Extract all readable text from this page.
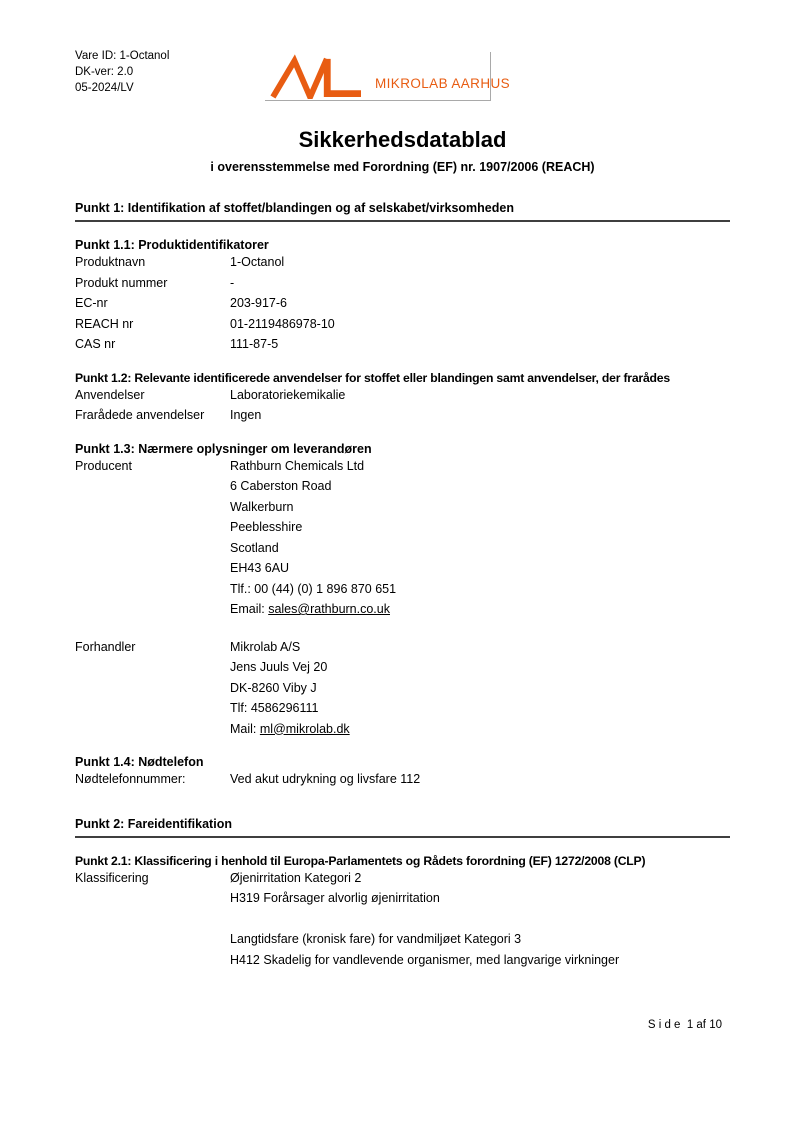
Vare ID: 1-Octanol
DK-ver: 2.0
05-2024/LV	MIKROLAB AARHUS
Sikkerhedsdatablad
i overensstemmelse med Forordning (EF) nr. 1907/2006 (REACH)
Punkt 1: Identifikation af stoffet/blandingen og af selskabet/virksomheden
Punkt 1.1: Produktidentifikatorer
Produktnavn	1-Octanol
Produkt nummer	-
EC-nr	203-917-6
REACH nr	01-2119486978-10
CAS nr	111-87-5
Punkt 1.2: Relevante identificerede anvendelser for stoffet eller blandingen samt anvendelser, der frarådes
Anvendelser	Laboratoriekemikalie
Frarådede anvendelser	Ingen
Punkt 1.3: Nærmere oplysninger om leverandøren
Producent	Rathburn Chemicals Ltd
6 Caberston Road
Walkerburn
Peeblesshire
Scotland
EH43 6AU
Tlf.: 00 (44) (0) 1 896 870 651
Email: sales@rathburn.co.uk
Forhandler	Mikrolab A/S
Jens Juuls Vej 20
DK-8260 Viby J
Tlf: 4586296111
Mail: ml@mikrolab.dk
Punkt 1.4: Nødtelefon
Nødtelefonnummer:	Ved akut udrykning og livsfare 112
Punkt 2: Fareidentifikation
Punkt 2.1: Klassificering i henhold til Europa-Parlamentets og Rådets forordning (EF) 1272/2008 (CLP)
Klassificering	Øjenirritation Kategori 2
H319 Forårsager alvorlig øjenirritation
Langtidsfare (kronisk fare) for vandmiljøet Kategori 3
H412 Skadelig for vandlevende organismer, med langvarige virkninger
S i d e  1 af 10
